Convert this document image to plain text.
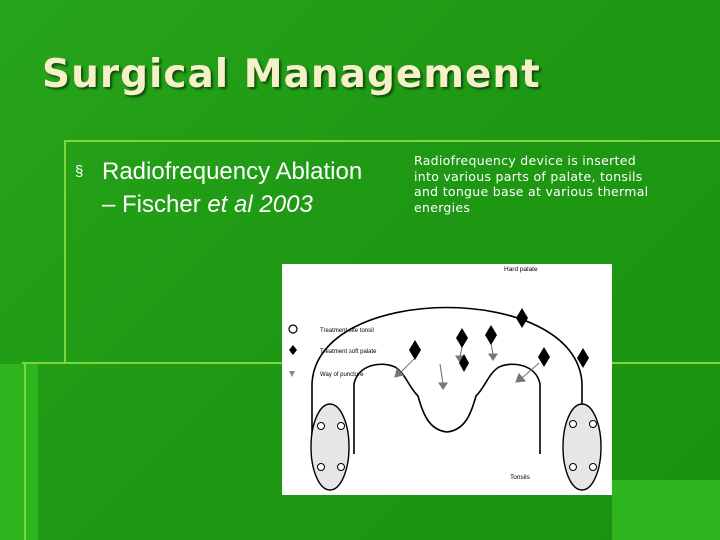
Surgical Management
§ Radiofrequency Ablation – Fischer et al 2003
Radiofrequency device is inserted into various parts of palate, tonsils and tongue base at various thermal energies
Hard palate
Tonsils
Treatment site tonsil
Treatment soft palate
Way of puncture
